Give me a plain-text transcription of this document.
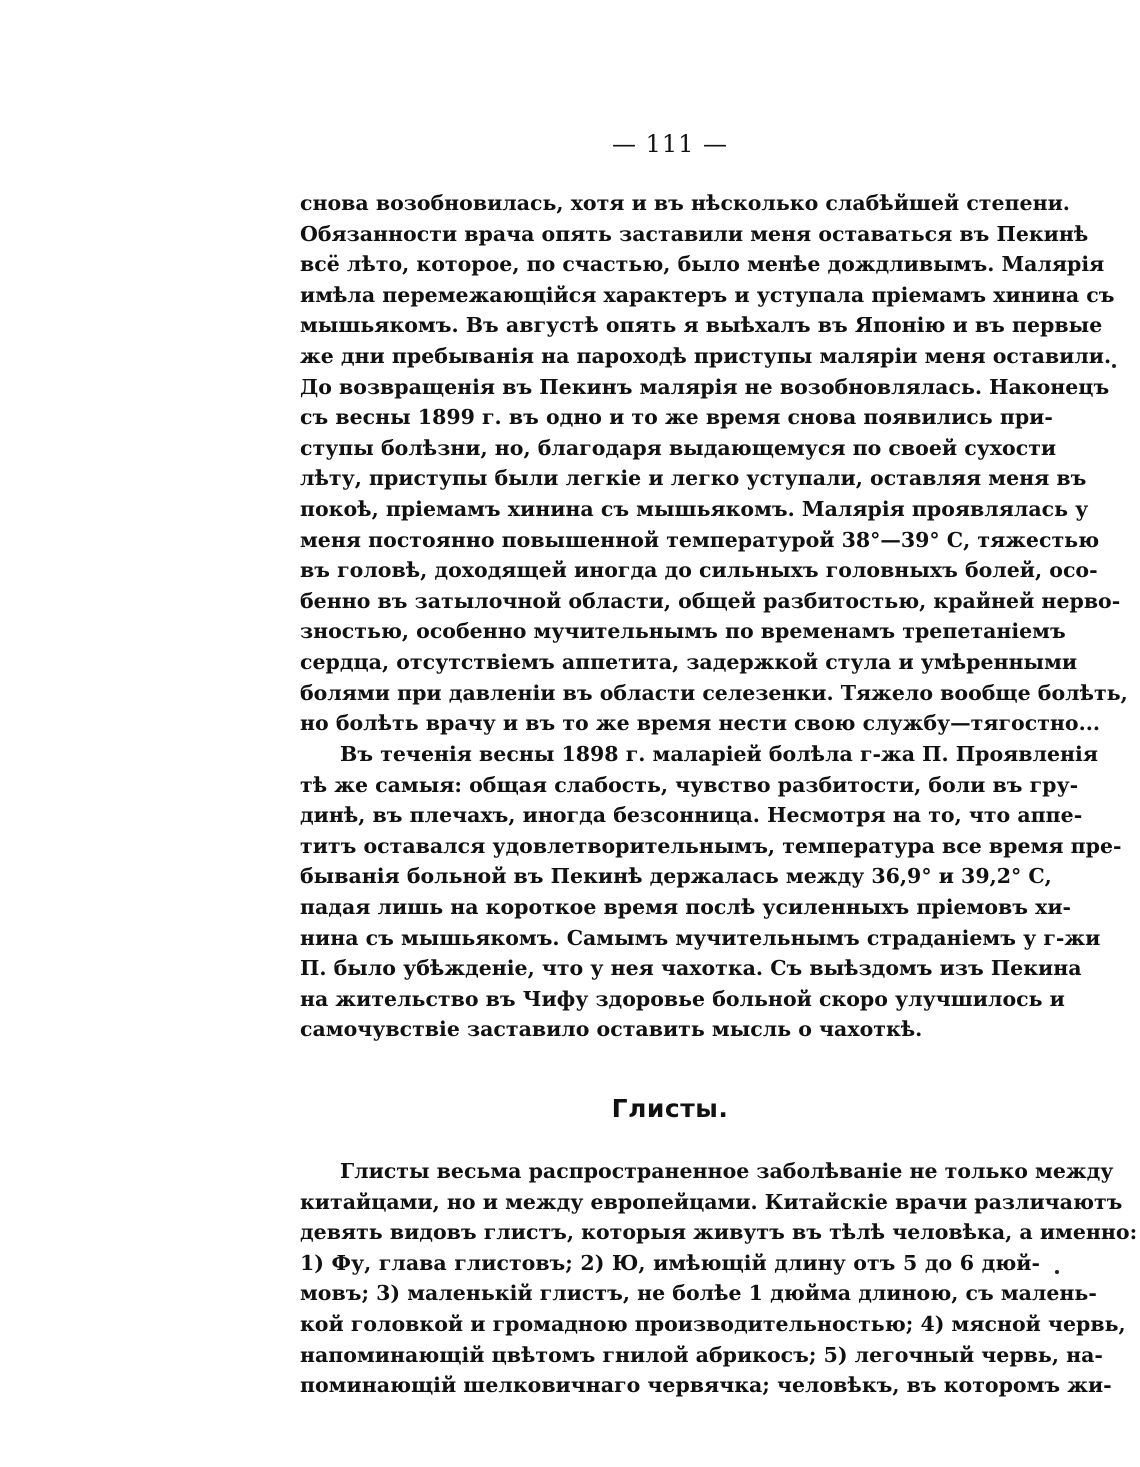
— 111 —
снова возобновилась, хотя и въ нѣсколько слабѣйшей степени.
Обязанности врача опять заставили меня оставаться въ Пекинѣ
всё лѣто, которое, по счастью, было менѣе дождливымъ. Малярія
имѣла перемежающійся характеръ и уступала пріемамъ хинина съ
мышьякомъ. Въ августѣ опять я выѣхалъ въ Японію и въ первые
же дни пребыванія на пароходѣ приступы маляріи меня оставили.
До возвращенія въ Пекинъ малярія не возобновлялась. Наконецъ
съ весны 1899 г. въ одно и то же время снова появились при-
ступы болѣзни, но, благодаря выдающемуся по своей сухости
лѣту, приступы были легкіе и легко уступали, оставляя меня въ
покоѣ, пріемамъ хинина съ мышьякомъ. Малярія проявлялась у
меня постоянно повышенной температурой 38°—39° С, тяжестью
въ головѣ, доходящей иногда до сильныхъ головныхъ болей, осо-
бенно въ затылочной области, общей разбитостью, крайней нерво-
зностью, особенно мучительнымъ по временамъ трепетаніемъ
сердца, отсутствіемъ аппетита, задержкой стула и умѣренными
болями при давленіи въ области селезенки. Тяжело вообще болѣть,
но болѣть врачу и въ то же время нести свою службу—тягостно...
Въ теченія весны 1898 г. маларіей болѣла г-жа П. Проявленія
тѣ же самыя: общая слабость, чувство разбитости, боли въ гру-
динѣ, въ плечахъ, иногда безсонница. Несмотря на то, что аппе-
титъ оставался удовлетворительнымъ, температура все время пре-
быванія больной въ Пекинѣ держалась между 36,9° и 39,2° С,
падая лишь на короткое время послѣ усиленныхъ пріемовъ хи-
нина съ мышьякомъ. Самымъ мучительнымъ страданіемъ у г-жи
П. было убѣжденіе, что у нея чахотка. Съ выѣздомъ изъ Пекина
на жительство въ Чифу здоровье больной скоро улучшилось и
самочувствіе заставило оставить мысль о чахоткѣ.
Глисты.
Глисты весьма распространенное заболѣваніе не только между
китайцами, но и между европейцами. Китайскіе врачи различаютъ
девять видовъ глистъ, которыя живутъ въ тѣлѣ человѣка, а именно:
1) Фу, глава глистовъ; 2) Ю, имѣющій длину отъ 5 до 6 дюй-
мовъ; 3) маленькій глистъ, не болѣе 1 дюйма длиною, съ малень-
кой головкой и громадною производительностью; 4) мясной червь,
напоминающій цвѣтомъ гнилой абрикосъ; 5) легочный червь, на-
поминающій шелковичнаго червячка; человѣкъ, въ которомъ жи-
